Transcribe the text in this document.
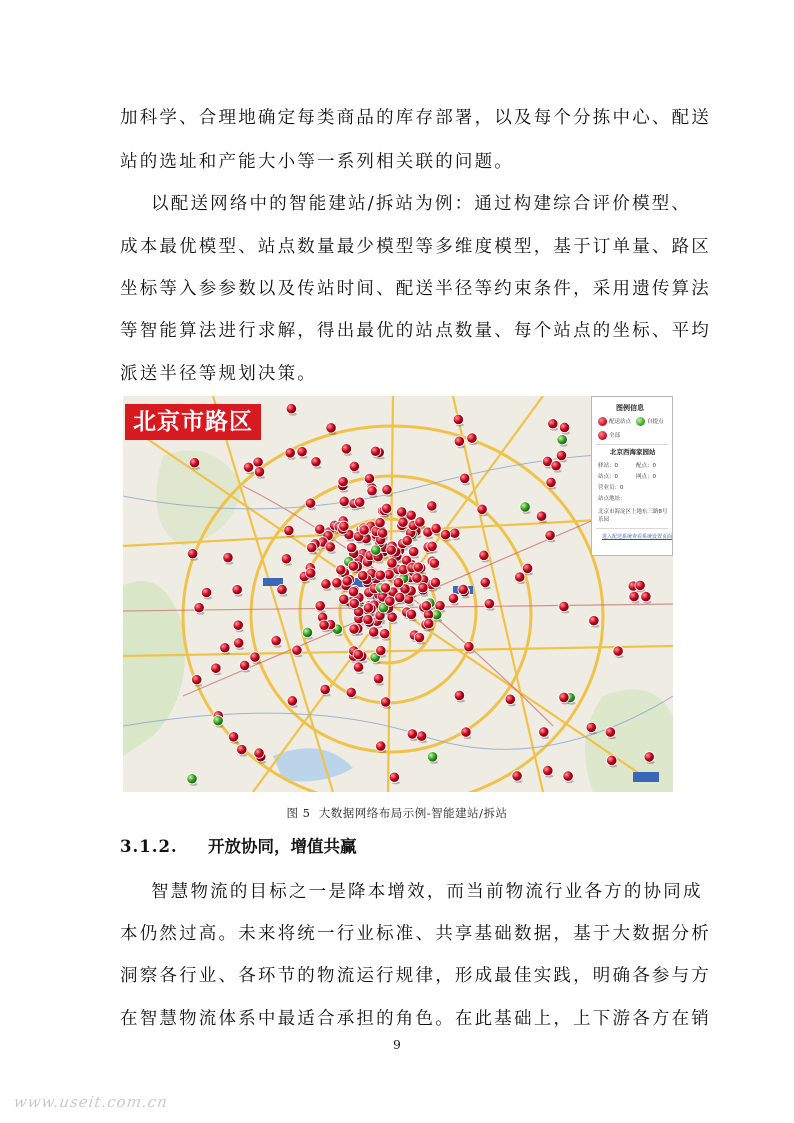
加科学、合理地确定每类商品的库存部署，以及每个分拣中心、配送
站的选址和产能大小等一系列相关联的问题。
以配送网络中的智能建站/拆站为例：通过构建综合评价模型、
成本最优模型、站点数量最少模型等多维度模型，基于订单量、路区
坐标等入参参数以及传站时间、配送半径等约束条件，采用遗传算法
等智能算法进行求解，得出最优的站点数量、每个站点的坐标、平均
派送半径等规划决策。
北京市路区
图例信息
配送站点	自提点
全部
北京西海家园站
驿站：0	配点：0
站点：0	网点：0
营业员：0
站点地址：
北京市海淀区上地东三路8号乐园
进入配送系统查看系统设置页面
图 5  大数据网络布局示例-智能建站/拆站
3.1.2. 开放协同，增值共赢
智慧物流的目标之一是降本增效，而当前物流行业各方的协同成
本仍然过高。未来将统一行业标准、共享基础数据，基于大数据分析
洞察各行业、各环节的物流运行规律，形成最佳实践，明确各参与方
在智慧物流体系中最适合承担的角色。在此基础上，上下游各方在销
9
www.useit.com.cn
